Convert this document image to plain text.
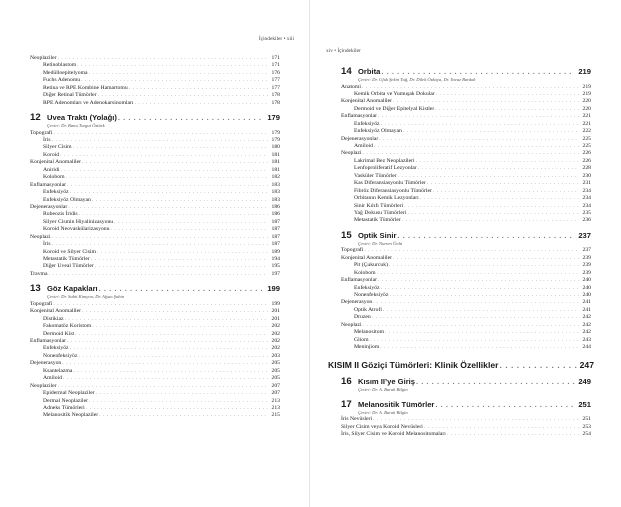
İçindekiler • xiii
Neoplaziler . . .	171
Retinoblastom . . .	171
Medülloepitelyoma . . .	176
Fuchs Adenomu . . .	177
Retina ve RPE Kombine Hamartomu . . .	177
Diğer Retinal Tümörler . . .	178
RPE Adenomları ve Adenokarsinomları . . .	178
12 Uvea Traktı (Yolağı) . . .	179
Çeviri: Dr. Banu Turgut Öztürk
Topografi . . .	179
İris . . .	179
Silyer Cisim . . .	180
Koroid . . .	181
Konjenital Anomaliler . . .	181
Aniridi . . .	181
Kolobom . . .	182
Enflamasyonlar . . .	183
Enfeksiyöz . . .	183
Enfeksiyöz Olmayan . . .	183
Dejenerasyonlar . . .	186
Rubeozis İridis . . .	186
Silyer Cismin Hiyalinizasyonu . . .	187
Koroid Neovaskülarizasyonu . . .	187
Neoplazi . . .	187
İris . . .	187
Koroid ve Silyer Cisim . . .	189
Metastatik Tümörler . . .	194
Diğer Uveal Tümörler . . .	195
Travma . . .	197
13 Göz Kapakları . . .	199
Çeviri: Dr. Sabit Kimyon, Dr. Afşun Şahin
Topografi . . .	199
Konjenital Anomaliler . . .	201
Distikiaz . . .	201
Fakomatöz Koristom . . .	202
Dermoid Kist . . .	202
Enflamasyonlar . . .	202
Enfeksiyöz . . .	202
Nonenfeksiyöz . . .	203
Dejenerasyon . . .	205
Ksantelazma . . .	205
Amiloid . . .	205
Neoplaziler . . .	207
Epidermal Neoplaziler . . .	207
Dermal Neoplaziler . . .	213
Adneks Tümörleri . . .	213
Melanositik Neoplaziler . . .	215
xiv • İçindekiler
14 Orbita . . .	219
Çeviri: Dr. Ufuk Şekin Tuğ, Dr. Dilek Özkaya, Dr. Yavuz Bardak
Anatomi . . .	219
Kemik Orbita ve Yumuşak Dokular . . .	219
Konjenital Anomaliler . . .	220
Dermoid ve Diğer Epitelyal Kistler . . .	220
Enflamasyonlar . . .	221
Enfeksiyöz . . .	221
Enfeksiyöz Olmayan . . .	222
Dejenerasyonlar . . .	225
Amiloid . . .	225
Neoplazi . . .	226
Lakrimal Bez Neoplazileri . . .	226
Lenfoproliferatif Lezyonlar . . .	228
Vasküler Tümörler . . .	230
Kas Diferansiasyonlu Tümörler . . .	231
Fibröz Diferansiasyonlu Tümörler . . .	234
Orbitanın Kemik Lezyonları . . .	234
Sinir Kılıfı Tümörleri . . .	234
Yağ Dokusu Tümörleri . . .	235
Metastatik Tümörler . . .	236
15 Optik Sinir . . .	237
Çeviri: Dr. Nurten Ünlü
Topografi . . .	237
Konjenital Anomaliler . . .	239
Pit (Çukurcuk) . . .	239
Kolobom . . .	239
Enflamasyonlar . . .	240
Enfeksiyöz . . .	240
Nonenfeksiyöz . . .	240
Dejenerasyon . . .	241
Optik Atrofi . . .	241
Druzen . . .	242
Neoplazi . . .	242
Melanositom . . .	242
Gliom . . .	243
Meninjiom . . .	244
KISIM II Göziçi Tümörleri: Klinik Özellikler . . .	247
16 Kısım II’ye Giriş . . .	249
Çeviri: Dr. A. Burak Bilgin
17 Melanositik Tümörler . . .	251
Çeviri: Dr. A. Burak Bilgin
İris Nevüsleri . . .	251
Silyer Cisim veya Koroid Nevüsleri . . .	253
İris, Silyer Cisim ve Koroid Melanositomaları . . .	254
